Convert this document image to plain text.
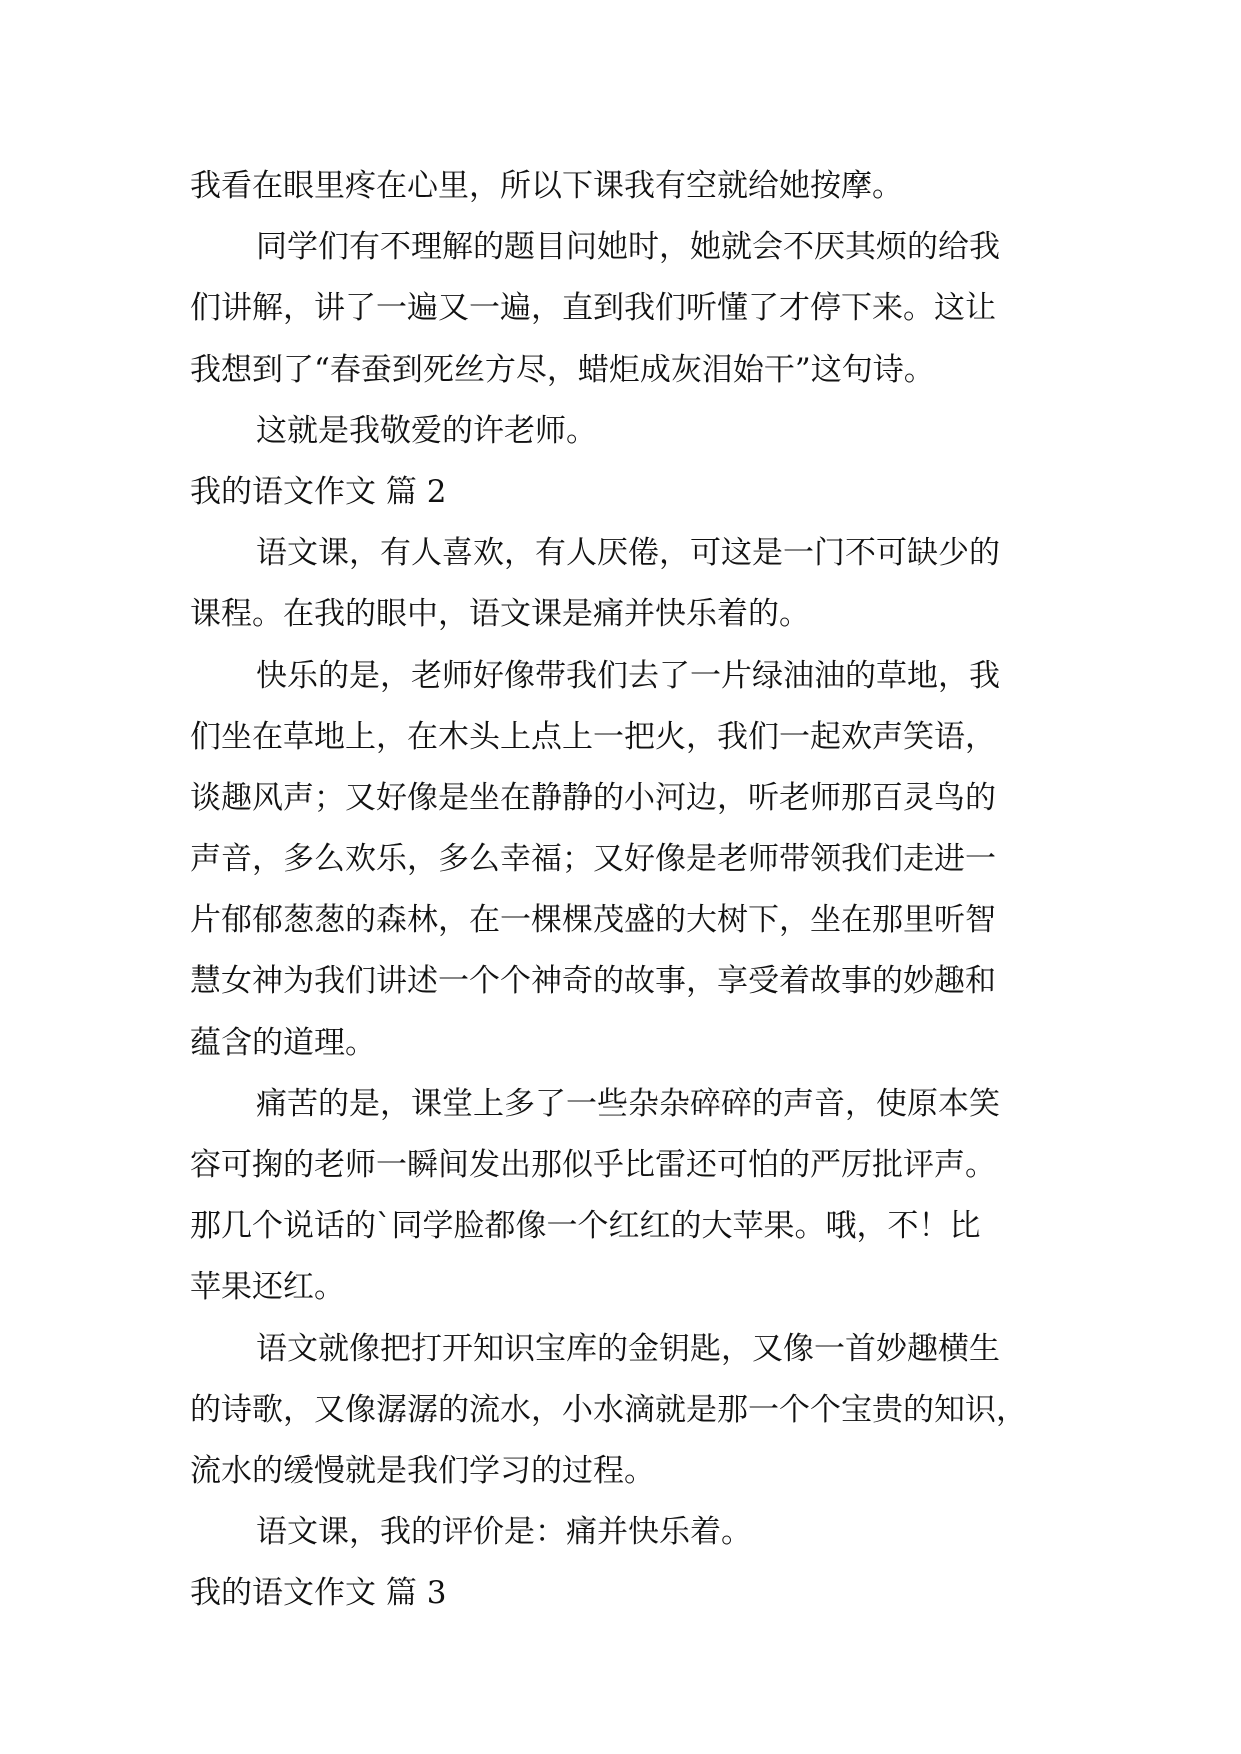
我看在眼里疼在心里，所以下课我有空就给她按摩。
同学们有不理解的题目问她时，她就会不厌其烦的给我
们讲解，讲了一遍又一遍，直到我们听懂了才停下来。这让
我想到了“春蚕到死丝方尽，蜡炬成灰泪始干”这句诗。
这就是我敬爱的许老师。
我的语文作文 篇 2
语文课，有人喜欢，有人厌倦，可这是一门不可缺少的
课程。在我的眼中，语文课是痛并快乐着的。
快乐的是，老师好像带我们去了一片绿油油的草地，我
们坐在草地上，在木头上点上一把火，我们一起欢声笑语，
谈趣风声；又好像是坐在静静的小河边，听老师那百灵鸟的
声音，多么欢乐，多么幸福；又好像是老师带领我们走进一
片郁郁葱葱的森林，在一棵棵茂盛的大树下，坐在那里听智
慧女神为我们讲述一个个神奇的故事，享受着故事的妙趣和
蕴含的道理。
痛苦的是，课堂上多了一些杂杂碎碎的声音，使原本笑
容可掬的老师一瞬间发出那似乎比雷还可怕的严厉批评声。
那几个说话的`同学脸都像一个红红的大苹果。哦，不！比
苹果还红。
语文就像把打开知识宝库的金钥匙，又像一首妙趣横生
的诗歌，又像潺潺的流水，小水滴就是那一个个宝贵的知识，
流水的缓慢就是我们学习的过程。
语文课，我的评价是：痛并快乐着。
我的语文作文 篇 3
